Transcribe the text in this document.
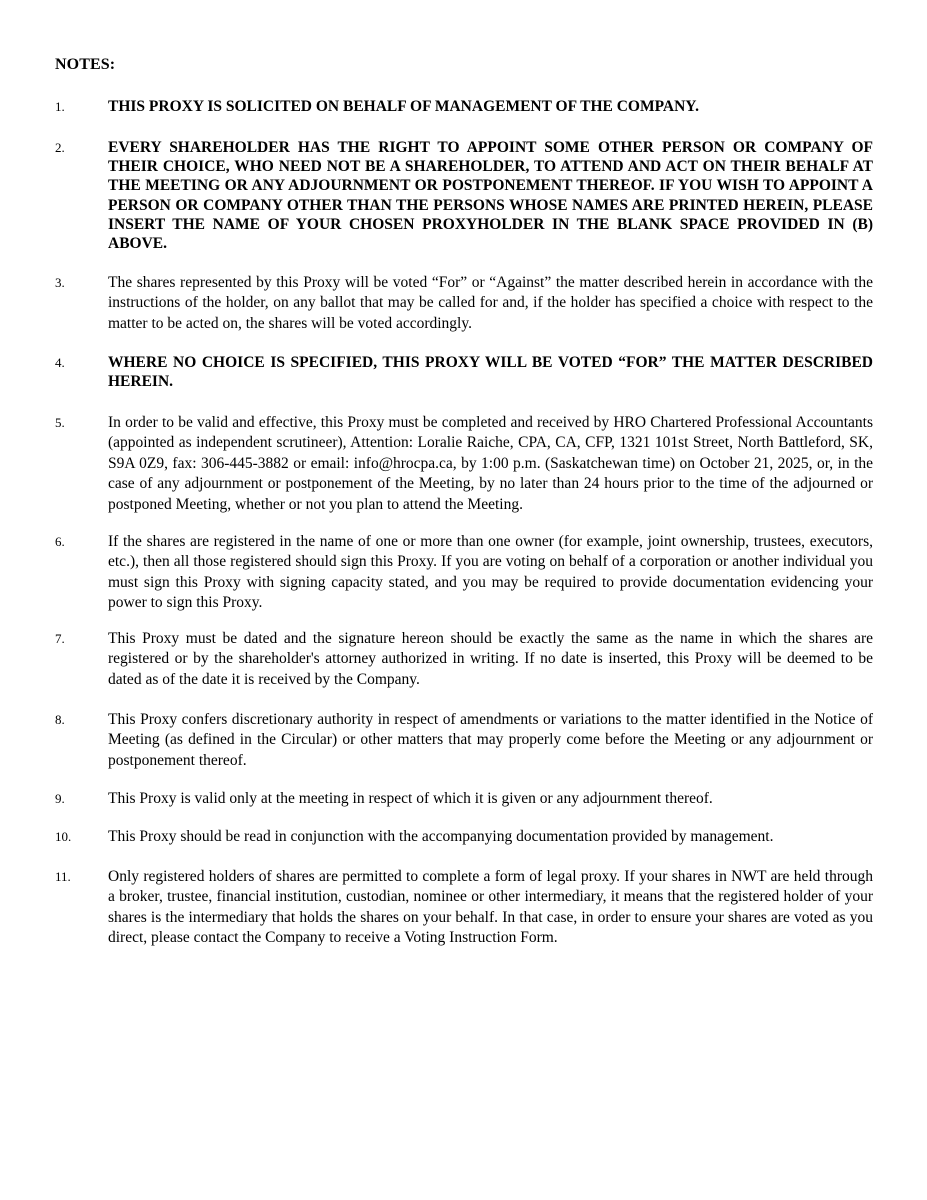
NOTES:
1.	THIS PROXY IS SOLICITED ON BEHALF OF MANAGEMENT OF THE COMPANY.
2.	EVERY SHAREHOLDER HAS THE RIGHT TO APPOINT SOME OTHER PERSON OR COMPANY OF THEIR CHOICE, WHO NEED NOT BE A SHAREHOLDER, TO ATTEND AND ACT ON THEIR BEHALF AT THE MEETING OR ANY ADJOURNMENT OR POSTPONEMENT THEREOF. IF YOU WISH TO APPOINT A PERSON OR COMPANY OTHER THAN THE PERSONS WHOSE NAMES ARE PRINTED HEREIN, PLEASE INSERT THE NAME OF YOUR CHOSEN PROXYHOLDER IN THE BLANK SPACE PROVIDED IN (B) ABOVE.
3.	The shares represented by this Proxy will be voted “For” or “Against” the matter described herein in accordance with the instructions of the holder, on any ballot that may be called for and, if the holder has specified a choice with respect to the matter to be acted on, the shares will be voted accordingly.
4.	WHERE NO CHOICE IS SPECIFIED, THIS PROXY WILL BE VOTED “FOR” THE MATTER DESCRIBED HEREIN.
5.	In order to be valid and effective, this Proxy must be completed and received by HRO Chartered Professional Accountants (appointed as independent scrutineer), Attention: Loralie Raiche, CPA, CA, CFP, 1321 101st Street, North Battleford, SK, S9A 0Z9, fax: 306-445-3882 or email: info@hrocpa.ca, by 1:00 p.m. (Saskatchewan time) on October 21, 2025, or, in the case of any adjournment or postponement of the Meeting, by no later than 24 hours prior to the time of the adjourned or postponed Meeting, whether or not you plan to attend the Meeting.
6.	If the shares are registered in the name of one or more than one owner (for example, joint ownership, trustees, executors, etc.), then all those registered should sign this Proxy. If you are voting on behalf of a corporation or another individual you must sign this Proxy with signing capacity stated, and you may be required to provide documentation evidencing your power to sign this Proxy.
7.	This Proxy must be dated and the signature hereon should be exactly the same as the name in which the shares are registered or by the shareholder's attorney authorized in writing. If no date is inserted, this Proxy will be deemed to be dated as of the date it is received by the Company.
8.	This Proxy confers discretionary authority in respect of amendments or variations to the matter identified in the Notice of Meeting (as defined in the Circular) or other matters that may properly come before the Meeting or any adjournment or postponement thereof.
9.	This Proxy is valid only at the meeting in respect of which it is given or any adjournment thereof.
10. This Proxy should be read in conjunction with the accompanying documentation provided by management.
11. Only registered holders of shares are permitted to complete a form of legal proxy. If your shares in NWT are held through a broker, trustee, financial institution, custodian, nominee or other intermediary, it means that the registered holder of your shares is the intermediary that holds the shares on your behalf. In that case, in order to ensure your shares are voted as you direct, please contact the Company to receive a Voting Instruction Form.
